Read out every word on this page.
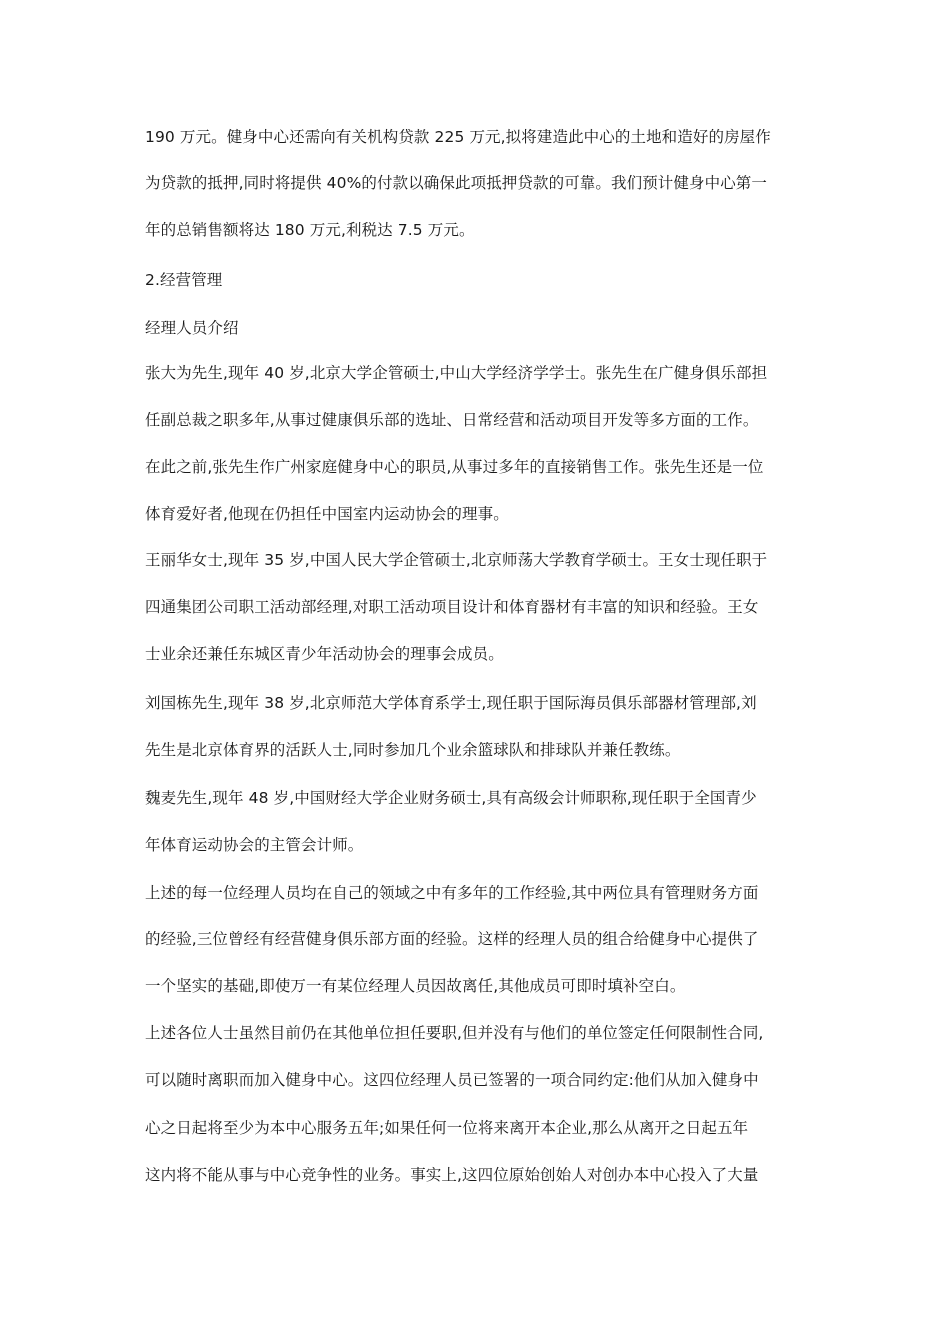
190 万元。健身中心还需向有关机构贷款 225 万元,拟将建造此中心的土地和造好的房屋作
为贷款的抵押,同时将提供 40%的付款以确保此项抵押贷款的可靠。我们预计健身中心第一
年的总销售额将达 180 万元,利税达 7.5 万元。
2.经营管理
经理人员介绍
张大为先生,现年 40 岁,北京大学企管硕士,中山大学经济学学士。张先生在广健身俱乐部担
任副总裁之职多年,从事过健康俱乐部的选址、日常经营和活动项目开发等多方面的工作。
在此之前,张先生作广州家庭健身中心的职员,从事过多年的直接销售工作。张先生还是一位
体育爱好者,他现在仍担任中国室内运动协会的理事。
王丽华女士,现年 35 岁,中国人民大学企管硕士,北京师荡大学教育学硕士。王女士现任职于
四通集团公司职工活动部经理,对职工活动项目设计和体育器材有丰富的知识和经验。王女
士业余还兼任东城区青少年活动协会的理事会成员。
刘国栋先生,现年 38 岁,北京师范大学体育系学士,现任职于国际海员俱乐部器材管理部,刘
先生是北京体育界的活跃人士,同时参加几个业余篮球队和排球队并兼任教练。
魏麦先生,现年 48 岁,中国财经大学企业财务硕士,具有高级会计师职称,现任职于全国青少
年体育运动协会的主管会计师。
上述的每一位经理人员均在自己的领域之中有多年的工作经验,其中两位具有管理财务方面
的经验,三位曾经有经营健身俱乐部方面的经验。这样的经理人员的组合给健身中心提供了
一个坚实的基础,即使万一有某位经理人员因故离任,其他成员可即时填补空白。
上述各位人士虽然目前仍在其他单位担任要职,但并没有与他们的单位签定任何限制性合同,
可以随时离职而加入健身中心。这四位经理人员已签署的一项合同约定:他们从加入健身中
心之日起将至少为本中心服务五年;如果任何一位将来离开本企业,那么从离开之日起五年
这内将不能从事与中心竞争性的业务。事实上,这四位原始创始人对创办本中心投入了大量
